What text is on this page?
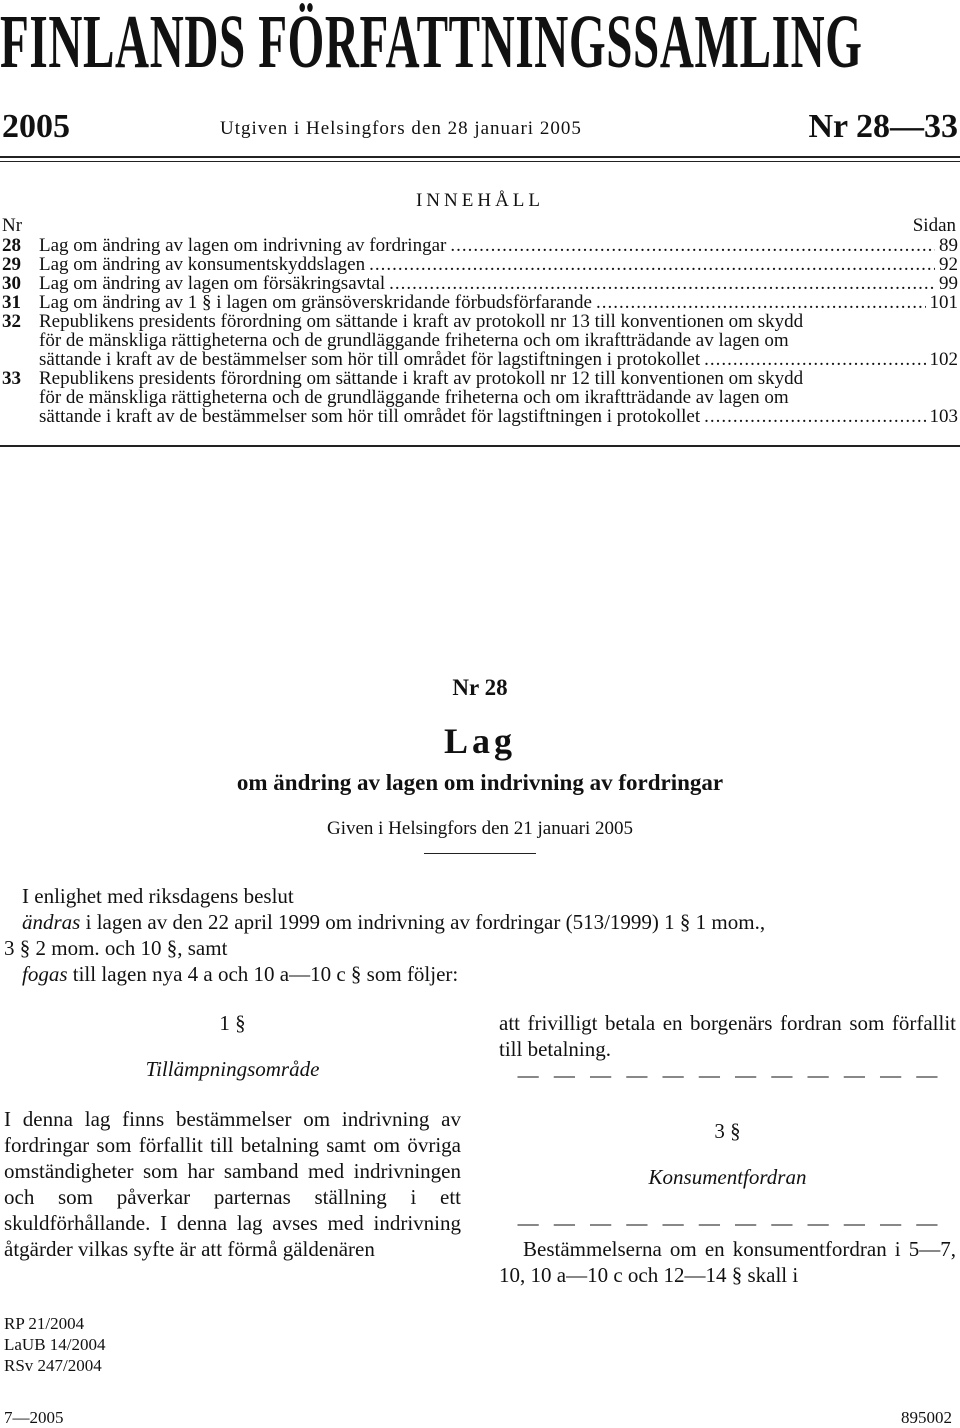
FINLANDS FÖRFATTNINGSSAMLING
2005	Utgiven i Helsingfors den 28 januari 2005	Nr 28—33
INNEHÅLL
Nr	Sidan
28 Lag om ändring av lagen om indrivning av fordringar .....	89
29 Lag om ändring av konsumentskyddslagen .....	92
30 Lag om ändring av lagen om försäkringsavtal .....	99
31 Lag om ändring av 1 § i lagen om gränsöverskridande förbudsförfarande .....	101
32 Republikens presidents förordning om sättande i kraft av protokoll nr 13 till konventionen om skydd
för de mänskliga rättigheterna och de grundläggande friheterna och om ikraftträdande av lagen om
sättande i kraft av de bestämmelser som hör till området för lagstiftningen i protokollet .....	102
33 Republikens presidents förordning om sättande i kraft av protokoll nr 12 till konventionen om skydd
för de mänskliga rättigheterna och de grundläggande friheterna och om ikraftträdande av lagen om
sättande i kraft av de bestämmelser som hör till området för lagstiftningen i protokollet .....	103
Nr 28
Lag
om ändring av lagen om indrivning av fordringar
Given i Helsingfors den 21 januari 2005

I enlighet med riksdagens beslut

ändras i lagen av den 22 april 1999 om indrivning av fordringar (513/1999) 1 § 1 mom.,

3 § 2 mom. och 10 §, samt

fogas till lagen nya 4 a och 10 a—10 c § som följer:

1 §

Tillämpningsområde

I denna lag finns bestämmelser om indrivning av fordringar som förfallit till betalning samt om övriga omständigheter som har samband med indrivningen och som påverkar parternas ställning i ett skuldförhållande. I denna lag avses med indrivning åtgärder vilkas syfte är att förmå gäldenären

att frivilligt betala en borgenärs fordran som förfallit till betalning.

— — — — — — — — — — — —

3 §

Konsumentfordran

— — — — — — — — — — — —

Bestämmelserna om en konsumentfordran i 5—7, 10, 10 a—10 c och 12—14 § skall i

RP 21/2004
LaUB 14/2004
RSv 247/2004
7—2005	895002
